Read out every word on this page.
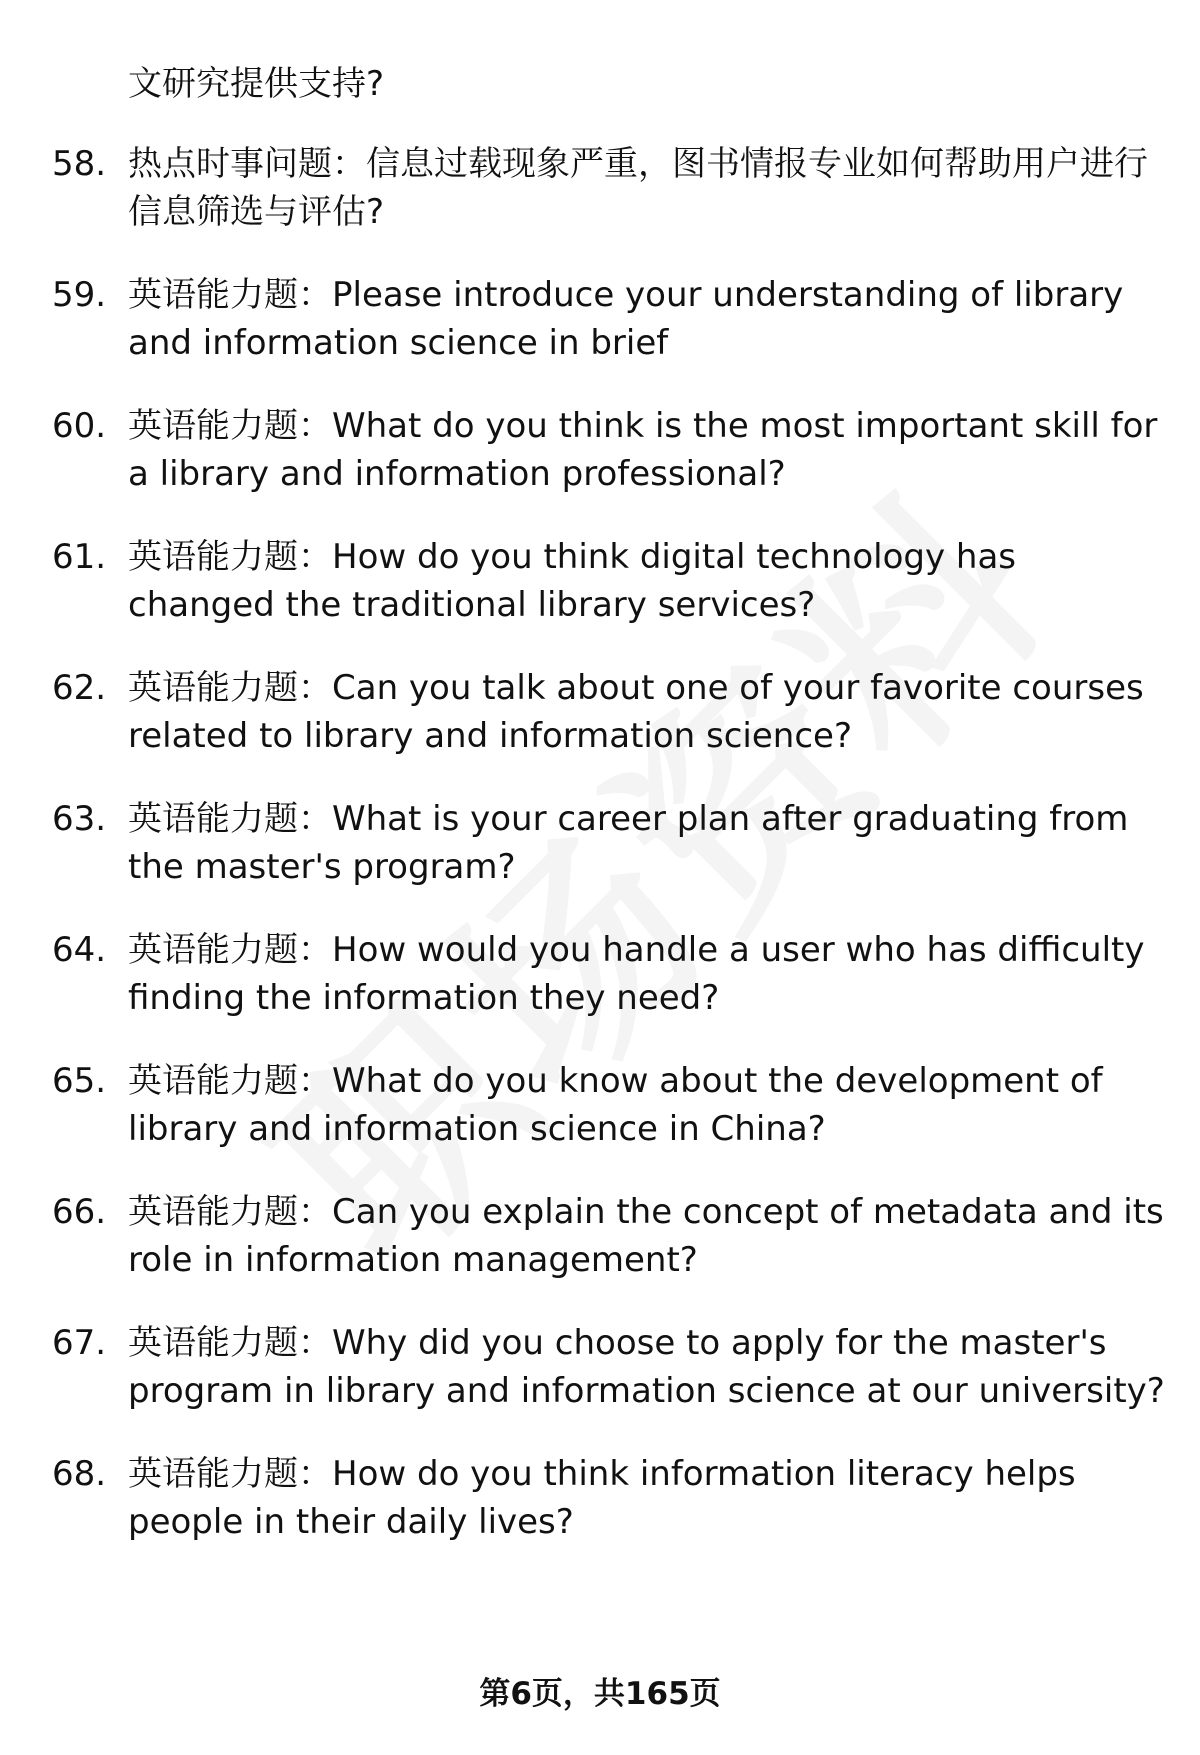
文研究提供支持?
58. 热点时事问题：信息过载现象严重，图书情报专业如何帮助用户进行信息筛选与评估?
59. 英语能力题：Please introduce your understanding of library and information science in brief
60. 英语能力题：What do you think is the most important skill for a library and information professional?
61. 英语能力题：How do you think digital technology has changed the traditional library services?
62. 英语能力题：Can you talk about one of your favorite courses related to library and information science?
63. 英语能力题：What is your career plan after graduating from the master's program?
64. 英语能力题：How would you handle a user who has difficulty finding the information they need?
65. 英语能力题：What do you know about the development of library and information science in China?
66. 英语能力题：Can you explain the concept of metadata and its role in information management?
67. 英语能力题：Why did you choose to apply for the master's program in library and information science at our university?
68. 英语能力题：How do you think information literacy helps people in their daily lives?
第6页，共165页
